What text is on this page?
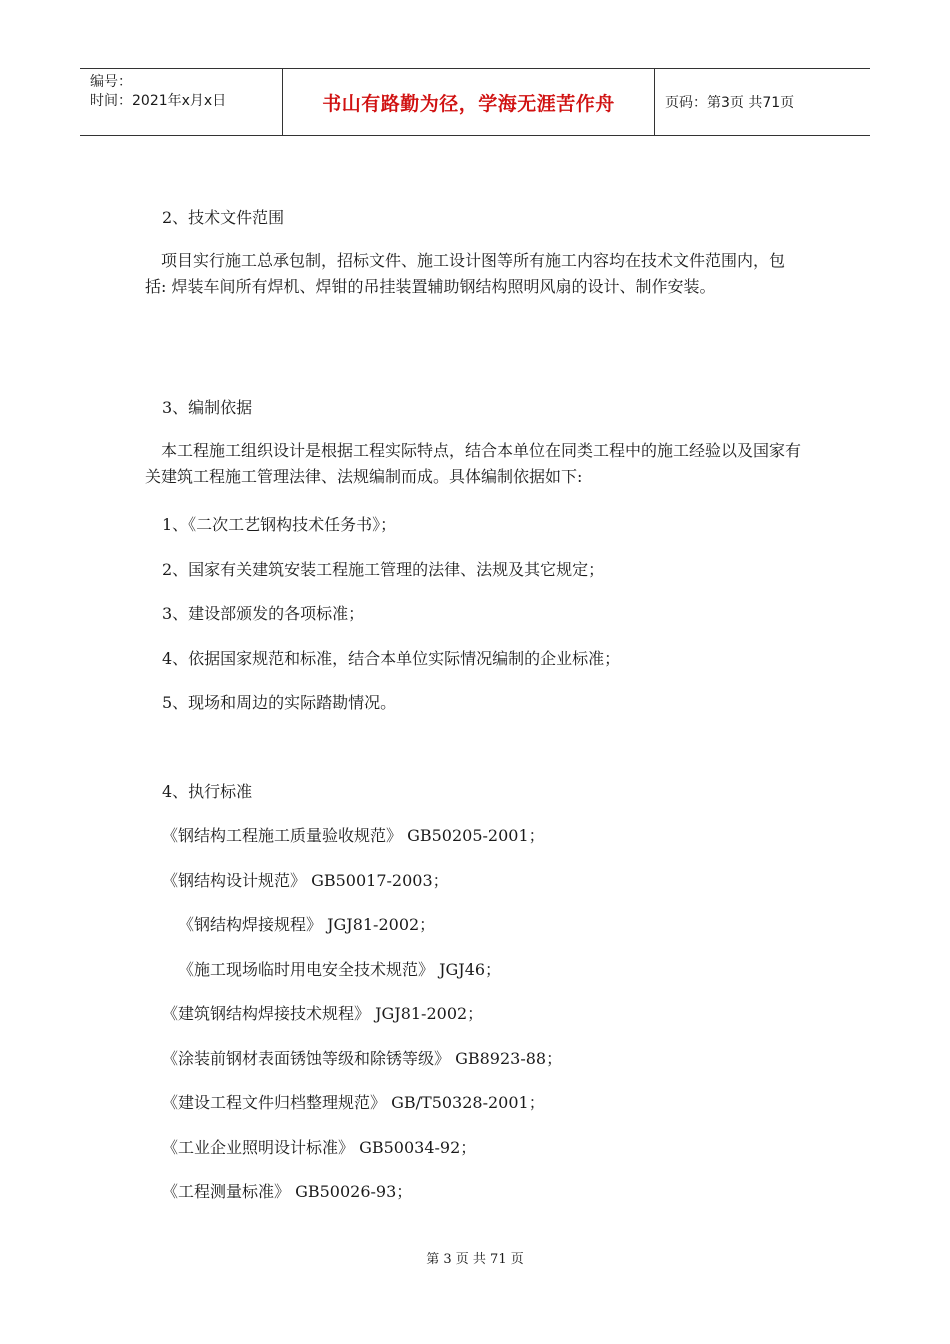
编号：
时间：2021年x月x日	书山有路勤为径，学海无涯苦作舟	页码：第3页 共71页
2、技术文件范围
项目实行施工总承包制，招标文件、施工设计图等所有施工内容均在技术文件范围内，包括: 焊装车间所有焊机、焊钳的吊挂装置辅助钢结构照明风扇的设计、制作安装。
3、编制依据
本工程施工组织设计是根据工程实际特点，结合本单位在同类工程中的施工经验以及国家有关建筑工程施工管理法律、法规编制而成。具体编制依据如下:
1、《二次工艺钢构技术任务书》；
2、国家有关建筑安装工程施工管理的法律、法规及其它规定；
3、建设部颁发的各项标准；
4、依据国家规范和标准，结合本单位实际情况编制的企业标准；
5、现场和周边的实际踏勘情况。
4、执行标准
《钢结构工程施工质量验收规范》 GB50205-2001；
《钢结构设计规范》 GB50017-2003；
《钢结构焊接规程》 JGJ81-2002；
《施工现场临时用电安全技术规范》 JGJ46；
《建筑钢结构焊接技术规程》 JGJ81-2002；
《涂装前钢材表面锈蚀等级和除锈等级》 GB8923-88；
《建设工程文件归档整理规范》 GB/T50328-2001；
《工业企业照明设计标准》 GB50034-92；
《工程测量标准》 GB50026-93；
第 3 页 共 71 页
